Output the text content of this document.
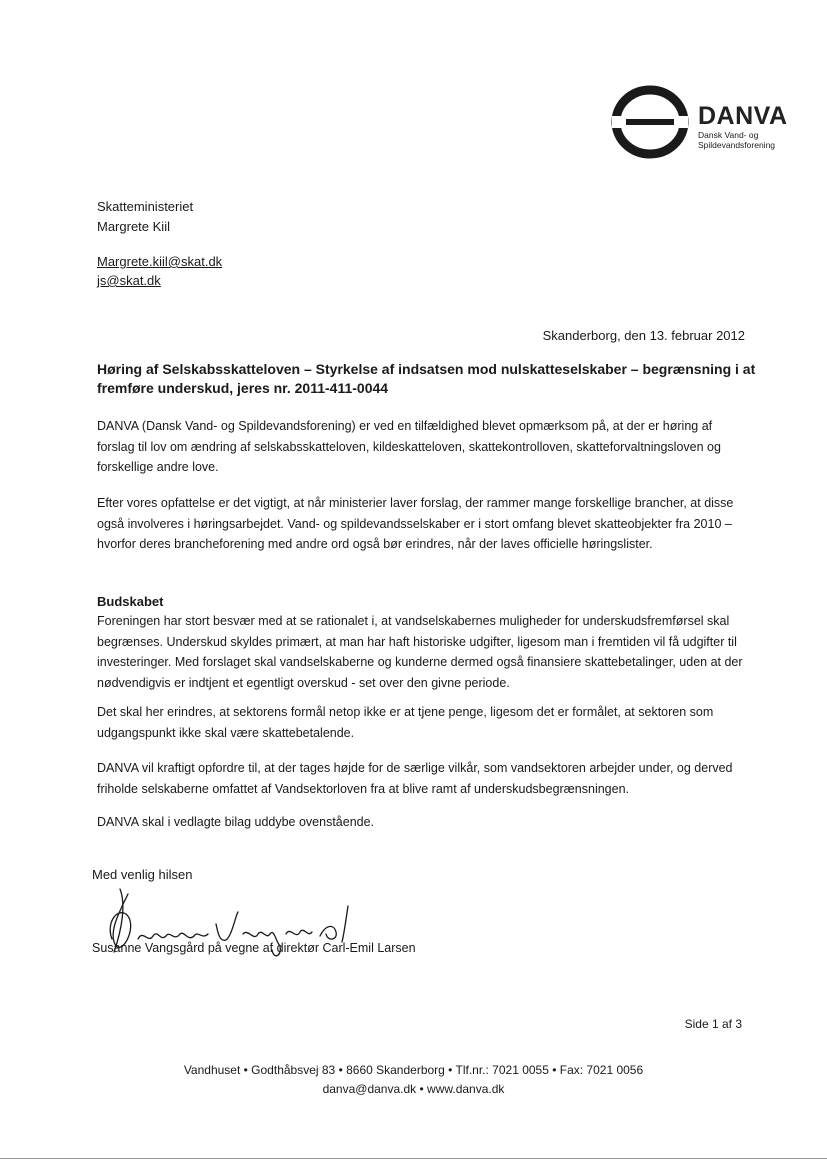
DANVA
Dansk Vand- og
Spildevandsforening
Skatteministeriet
Margrete Kiil
Margrete.kiil@skat.dk
js@skat.dk
Skanderborg, den 13. februar 2012
Høring af Selskabsskatteloven – Styrkelse af indsatsen mod nulskatteselskaber – begrænsning i at fremføre underskud, jeres nr. 2011-411-0044
DANVA (Dansk Vand- og Spildevandsforening) er ved en tilfældighed blevet opmærksom på, at der er høring af forslag til lov om ændring af selskabsskatteloven, kildeskatteloven, skattekontrolloven, skatteforvaltningsloven og forskellige andre love.
Efter vores opfattelse er det vigtigt, at når ministerier laver forslag, der rammer mange forskellige brancher, at disse også involveres i høringsarbejdet. Vand- og spildevandsselskaber er i stort omfang blevet skatteobjekter fra 2010 – hvorfor deres brancheforening med andre ord også bør erindres, når der laves officielle høringslister.
Budskabet
Foreningen har stort besvær med at se rationalet i, at vandselskabernes muligheder for underskudsfremførsel skal begrænses. Underskud skyldes primært, at man har haft historiske udgifter, ligesom man i fremtiden vil få udgifter til investeringer. Med forslaget skal vandselskaberne og kunderne dermed også finansiere skattebetalinger, uden at der nødvendigvis er indtjent et egentligt overskud - set over den givne periode.
Det skal her erindres, at sektorens formål netop ikke er at tjene penge, ligesom det er formålet, at sektoren som udgangspunkt ikke skal være skattebetalende.
DANVA vil kraftigt opfordre til, at der tages højde for de særlige vilkår, som vandsektoren arbejder under, og derved friholde selskaberne omfattet af Vandsektorloven fra at blive ramt af underskudsbegrænsningen.
DANVA skal i vedlagte bilag uddybe ovenstående.
Med venlig hilsen
Susanne Vangsgård på vegne af direktør Carl-Emil Larsen
Side 1 af 3
Vandhuset • Godthåbsvej 83 • 8660 Skanderborg • Tlf.nr.: 7021 0055 • Fax: 7021 0056
danva@danva.dk • www.danva.dk
